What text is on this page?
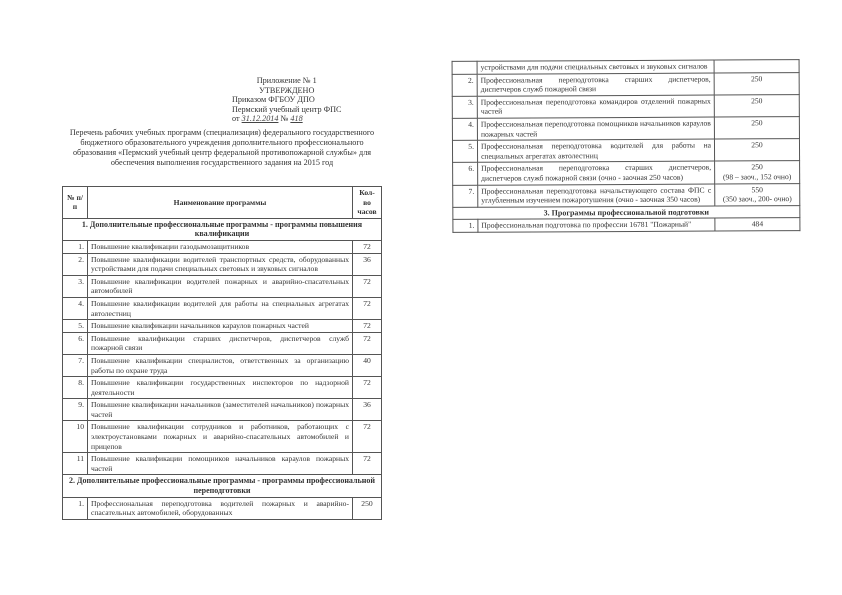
Приложение № 1
УТВЕРЖДЕНО
Приказом ФГБОУ ДПО
Пермский учебный центр ФПС
от 31.12.2014 № 418
Перечень рабочих учебных программ (специализация) федерального государственного бюджетного образовательного учреждения дополнительного профессионального образования «Пермский учебный центр федеральной противопожарной службы» для обеспечения выполнения государственного задания на 2015 год
№ п/п	Наименование программы	Кол-во часов
1. Дополнительные профессиональные программы - программы повышения квалификации		
1.	Повышение квалификации газодымозащитников	72

2.	Повышение квалификации водителей транспортных средств, оборудованных устройствами для подачи специальных световых и звуковых сигналов	36

3.	Повышение квалификации водителей пожарных и аварийно-спасательных автомобилей	72

4.	Повышение квалификации водителей для работы на специальных агрегатах автолестниц	72

5.	Повышение квалификации начальников караулов пожарных частей	72

6.	Повышение квалификации старших диспетчеров, диспетчеров служб пожарной связи	72

7.	Повышение квалификации специалистов, ответственных за организацию работы по охране труда	40

8.	Повышение квалификации государственных инспекторов по надзорной деятельности	72

9.	Повышение квалификации начальников (заместителей начальников) пожарных частей	36

10	Повышение квалификации сотрудников и работников, работающих с электроустановками пожарных и аварийно-спасательных автомобилей и прицепов	72

11	Повышение квалификации помощников начальников караулов пожарных частей	72

2. Дополнительные профессиональные программы - программы профессиональной переподготовки		
1.	Профессиональная переподготовка водителей пожарных и аварийно-спасательных автомобилей, оборудованных	250
	устройствами для подачи специальных световых и звуковых сигналов	
2.	Профессиональная переподготовка старших диспетчеров, диспетчеров служб пожарной связи	250

3.	Профессиональная переподготовка командиров отделений пожарных частей	250

4.	Профессиональная переподготовка помощников начальников караулов пожарных частей	250

5.	Профессиональная переподготовка водителей для работы на специальных агрегатах автолестниц	250

6.	Профессиональная переподготовка старших диспетчеров, диспетчеров служб пожарной связи (очно - заочная 250 часов)	250
(98 – заоч., 152 очно)

7.	Профессиональная переподготовка начальствующего состава ФПС с углубленным изучением пожаротушения (очно - заочная 350 часов)	550
(350 заоч., 200- очно)

3. Программы профессиональной подготовки		
1.	Профессиональная подготовка по профессии 16781 "Пожарный"	484
